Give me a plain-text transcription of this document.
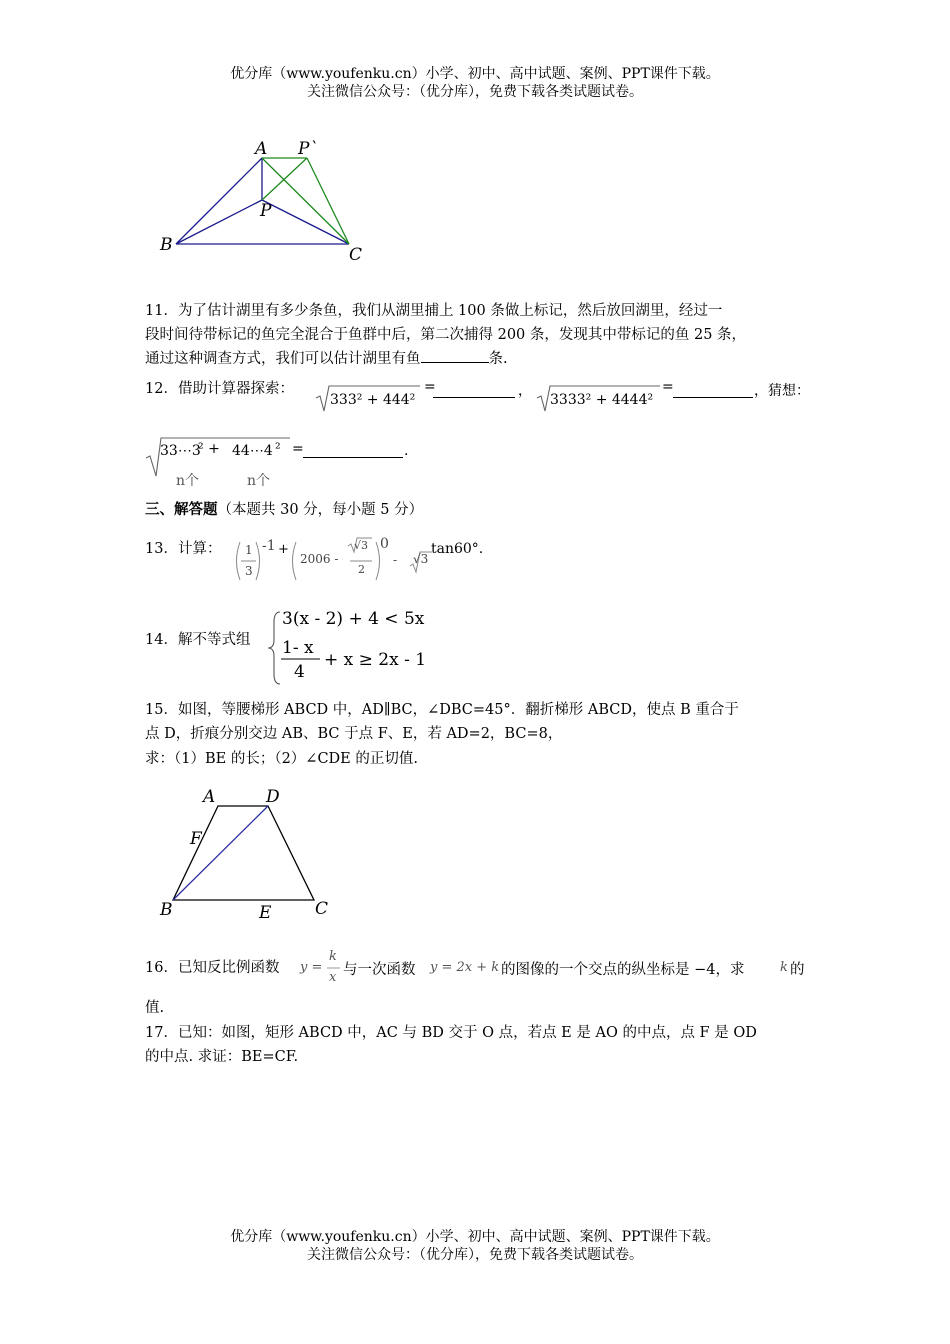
优分库（www.youfenku.cn）小学、初中、高中试题、案例、PPT课件下载。
关注微信公众号：（优分库），免费下载各类试题试卷。
A P`
P
B	C
11．为了估计湖里有多少条鱼，我们从湖里捕上 100 条做上标记，然后放回湖里，经过一
段时间待带标记的鱼完全混合于鱼群中后，第二次捕得 200 条，发现其中带标记的鱼 25 条，
通过这种调查方式，我们可以估计湖里有鱼	条.
12．借助计算器探索：
333² + 444²
=	，
3333² + 4444²
=	，猜想：
33⋯3
² + 44⋯4 ²
n个	n个
=	.
三、解答题（本题共 30 分，每小题 5 分）
13．计算： 1
3
-1 +
2006 -
√3
2
0
- √3
tan60°.
14．解不等式组
3(x - 2) + 4 < 5x
1- x
4
+ x ≥ 2x - 1
15．如图，等腰梯形 ABCD 中，AD∥BC，∠DBC=45°．翻折梯形 ABCD，使点 B 重合于
点 D，折痕分别交边 AB、BC 于点 F、E，若 AD=2，BC=8，
求：（1）BE 的长；（2）∠CDE 的正切值.
A	D
F
B	E	C
16．已知反比例函数 y =
k
x 与一次函数 y = 2x + k 的图像的一个交点的纵坐标是 −4，求	k 的
值.
17．已知：如图，矩形 ABCD 中，AC 与 BD 交于 O 点，若点 E 是 AO 的中点，点 F 是 OD
的中点. 求证：BE=CF.
优分库（www.youfenku.cn）小学、初中、高中试题、案例、PPT课件下载。
关注微信公众号：（优分库），免费下载各类试题试卷。
